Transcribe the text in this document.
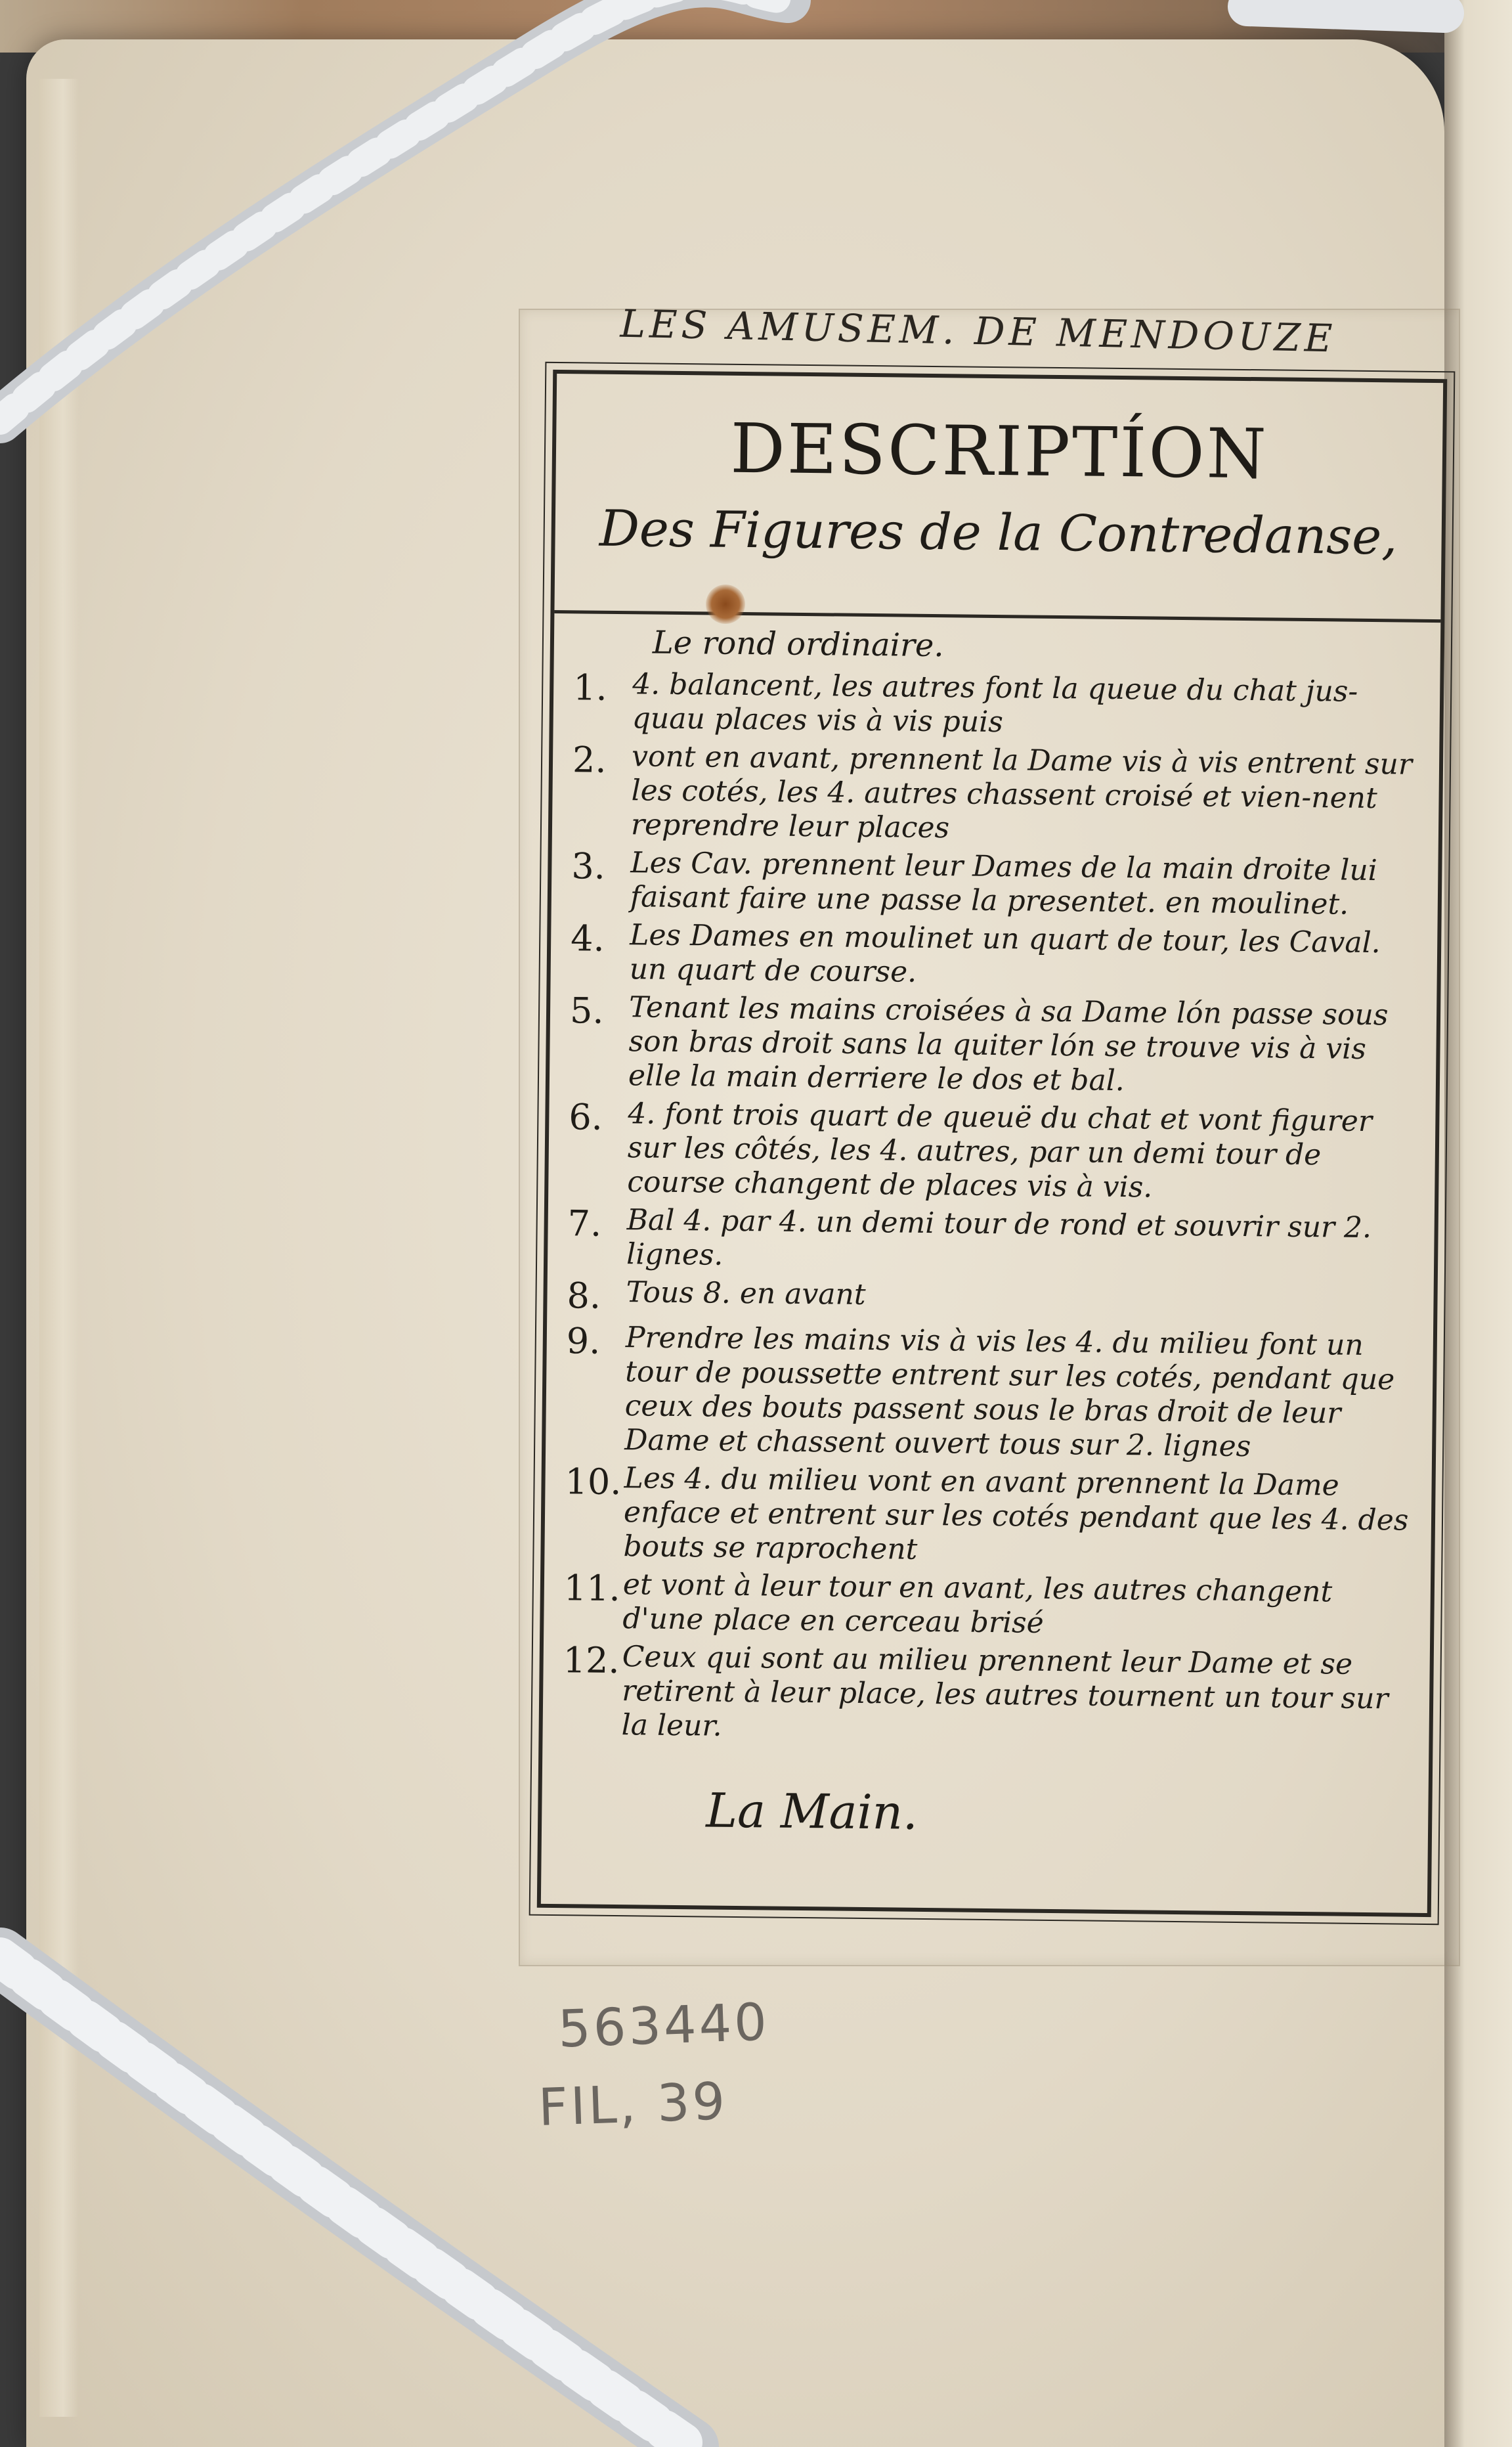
LES AMUSEM. DE MENDOUZE
DESCRIPTÍON
Des Figures de la Contredanse,
Le rond ordinaire.
1. 4. balancent, les autres font la queue du chat jus-quau places vis à vis puis
2. vont en avant, prennent la Dame vis à vis entrent sur les cotés, les 4. autres chassent croisé et vien-nent reprendre leur places
3. Les Cav. prennent leur Dames de la main droite lui faisant faire une passe la presentet. en moulinet.
4. Les Dames en moulinet un quart de tour, les Caval. un quart de course.
5. Tenant les mains croisées à sa Dame lón passe sous son bras droit sans la quiter lón se trouve vis à vis elle la main derriere le dos et bal.
6. 4. font trois quart de queuë du chat et vont figurer sur les côtés, les 4. autres, par un demi tour de course changent de places vis à vis.
7. Bal 4. par 4. un demi tour de rond et souvrir sur 2. lignes.
8. Tous 8. en avant
9. Prendre les mains vis à vis les 4. du milieu font un tour de poussette entrent sur les cotés, pendant que ceux des bouts passent sous le bras droit de leur Dame et chassent ouvert tous sur 2. lignes
10. Les 4. du milieu vont en avant prennent la Dame enface et entrent sur les cotés pendant que les 4. des bouts se raprochent
11. et vont à leur tour en avant, les autres changent d'une place en cerceau brisé
12. Ceux qui sont au milieu prennent leur Dame et se retirent à leur place, les autres tournent un tour sur la leur.
La Main.
563440
FIL, 39
